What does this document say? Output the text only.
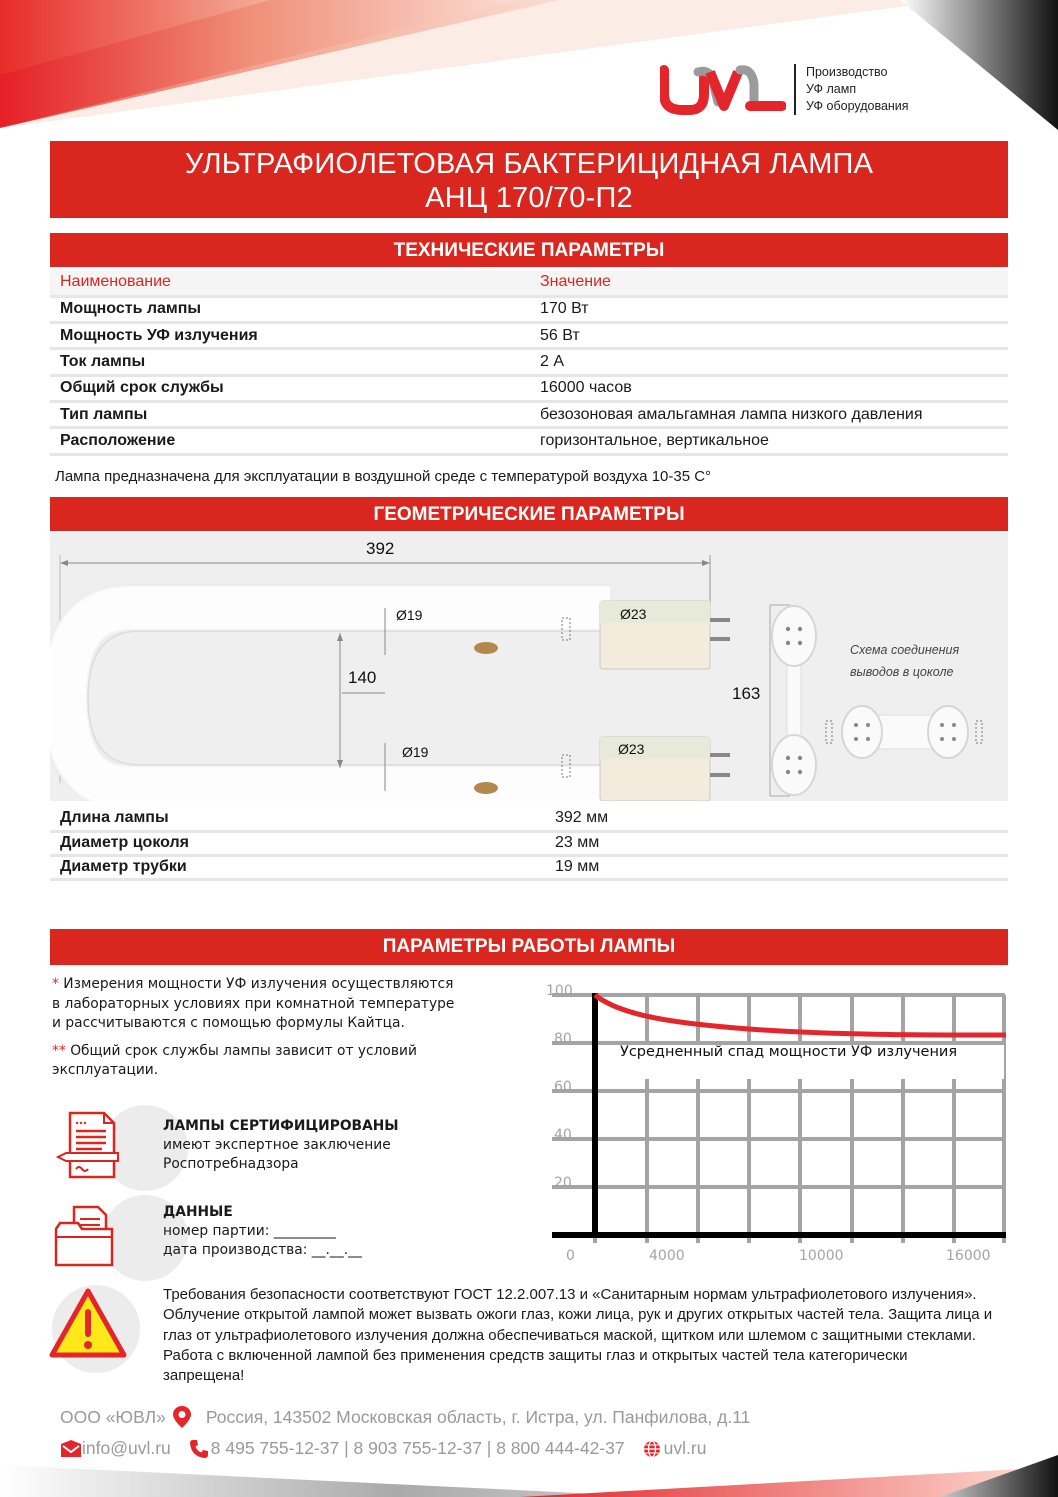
Производство
УФ ламп
УФ оборудования
УЛЬТРАФИОЛЕТОВАЯ БАКТЕРИЦИДНАЯ ЛАМПА
АНЦ 170/70-П2
ТЕХНИЧЕСКИЕ ПАРАМЕТРЫ
Наименование	Значение
Мощность лампы	170 Вт
Мощность УФ излучения	56 Вт
Ток лампы	2 А
Общий срок службы	16000 часов
Тип лампы	безозоновая амальгамная лампа низкого давления
Расположение	горизонтальное, вертикальное
Лампа предназначена для эксплуатации в воздушной среде с температурой воздуха 10-35 С°
ГЕОМЕТРИЧЕСКИЕ ПАРАМЕТРЫ
392
Ø19	Ø23
140
Ø19	Ø23
163
Схема соединения
выводов в цоколе
Длина лампы	392 мм
Диаметр цоколя	23 мм
Диаметр трубки	19 мм
ПАРАМЕТРЫ РАБОТЫ ЛАМПЫ
* Измерения мощности УФ излучения осуществляются
в лабораторных условиях при комнатной температуре
и рассчитываются с помощью формулы Кайтца.
** Общий срок службы лампы зависит от условий
эксплуатации.
ЛАМПЫ СЕРТИФИЦИРОВАНЫ
имеют экспертное заключение
Роспотребнадзора
ДАННЫЕ
номер партии: _________
дата производства: __.__.__
100
80
60
40
20
0	4000	10000	16000
Усредненный спад мощности УФ излучения
Требования безопасности соответствуют ГОСТ 12.2.007.13 и «Санитарным нормам ультрафиолетового излучения». Облучение открытой лампой может вызвать ожоги глаз, кожи лица, рук и других открытых частей тела. Защита лица и глаз от ультрафиолетового излучения должна обеспечиваться маской, щитком или шлемом с защитными стеклами. Работа с включенной лампой без применения средств защиты глаз и открытых частей тела категорически запрещена!
ООО «ЮВЛ» Россия, 143502 Московская область, г. Истра, ул. Панфилова, д.11
info@uvl.ru 8 495 755-12-37 | 8 903 755-12-37 | 8 800 444-42-37 uvl.ru
